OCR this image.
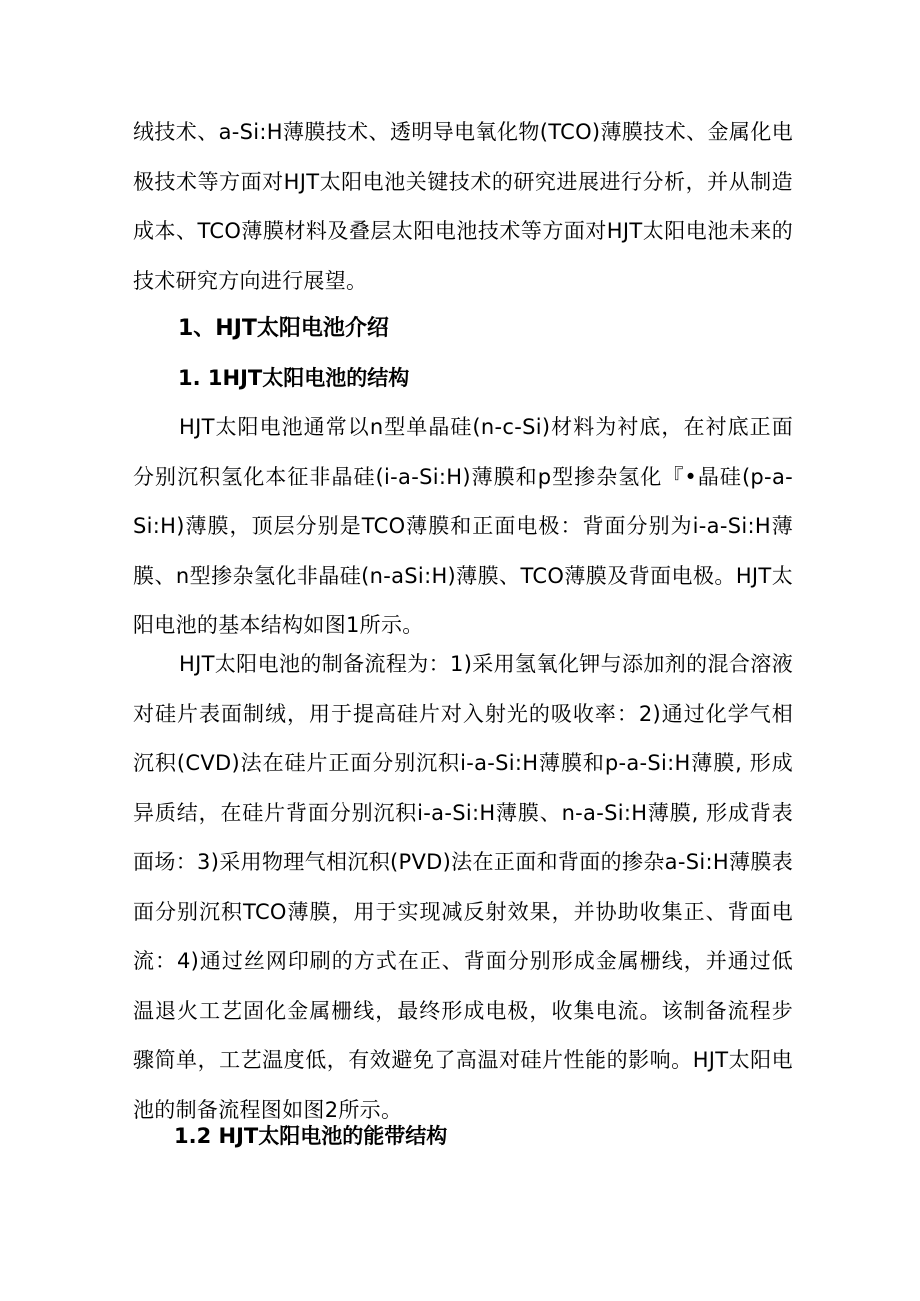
绒技术、a-Si:H薄膜技术、透明导电氧化物(TCO)薄膜技术、金属化电极技术等方面对HJT太阳电池关键技术的研究进展进行分析，并从制造成本、TCO薄膜材料及叠层太阳电池技术等方面对HJT太阳电池未来的技术研究方向进行展望。

1、HJT太阳电池介绍
1. 1HJT太阳电池的结构

HJT太阳电池通常以n型单晶硅(n-c-Si)材料为衬底，在衬底正面分别沉积氢化本征非晶硅(i-a-Si:H)薄膜和p型掺杂氢化『•晶硅(p-a-Si:H)薄膜，顶层分别是TCO薄膜和正面电极：背面分别为i-a-Si:H薄膜、n型掺杂氢化非晶硅(n-aSi:H)薄膜、TCO薄膜及背面电极。HJT太阳电池的基本结构如图1所示。

HJT太阳电池的制备流程为：1)采用氢氧化钾与添加剂的混合溶液对硅片表面制绒，用于提高硅片对入射光的吸收率：2)通过化学气相沉积(CVD)法在硅片正面分别沉积i-a-Si:H薄膜和p-a-Si:H薄膜, 形成异质结，在硅片背面分别沉积i-a-Si:H薄膜、n-a-Si:H薄膜, 形成背表面场：3)采用物理气相沉积(PVD)法在正面和背面的掺杂a-Si:H薄膜表面分别沉积TCO薄膜，用于实现减反射效果，并协助收集正、背面电流：4)通过丝网印刷的方式在正、背面分别形成金属栅线，并通过低温退火工艺固化金属栅线，最终形成电极，收集电流。该制备流程步骤简单，工艺温度低，有效避免了高温对硅片性能的影响。HJT太阳电池的制备流程图如图2所示。

1.2 HJT太阳电池的能带结构
